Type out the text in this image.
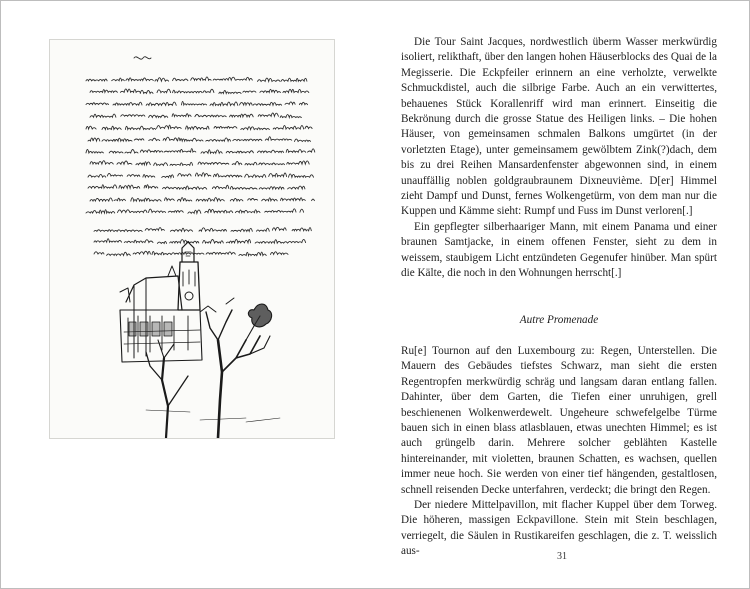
Die Tour Saint Jacques, nordwestlich überm Wasser merkwürdig isoliert, relikthaft, über den langen hohen Häuserblocks des Quai de la Megisserie. Die Eckpfeiler erinnern an eine verholzte, verwelkte Schmuckdistel, auch die silbrige Farbe. Auch an ein verwittertes, behauenes Stück Korallenriff wird man erinnert. Einseitig die Bekrönung durch die grosse Statue des Heiligen links. – Die hohen Häuser, von gemeinsamen schmalen Balkons umgürtet (in der vorletzten Etage), unter gemeinsamem gewölbtem Zink(?)dach, dem bis zu drei Reihen Mansardenfenster abgewonnen sind, in einem unauffällig noblen goldgraubraunem Dixneuvième. D[er] Himmel zieht Dampf und Dunst, fernes Wolkengetürm, von dem man nur die Kuppen und Kämme sieht: Rumpf und Fuss im Dunst verloren[.]

Ein gepflegter silberhaariger Mann, mit einem Panama und einer braunen Samtjacke, in einem offenen Fenster, sieht zu dem in weissem, staubigem Licht entzündeten Gegenufer hinüber. Man spürt die Kälte, die noch in den Wohnungen herrscht[.]

Autre Promenade

Ru[e] Tournon auf den Luxembourg zu: Regen, Unterstellen. Die Mauern des Gebäudes tiefstes Schwarz, man sieht die ersten Regentropfen merkwürdig schräg und langsam daran entlang fallen. Dahinter, über dem Garten, die Tiefen einer unruhigen, grell beschienenen Wolkenwerdewelt. Ungeheure schwefelgelbe Türme bauen sich in einen blass atlasblauen, etwas unechten Himmel; es ist auch grüngelb darin. Mehrere solcher geblähten Kastelle hintereinander, mit violetten, braunen Schatten, es wachsen, quellen immer neue hoch. Sie werden von einer tief hängenden, gestaltlosen, schnell reisenden Decke unterfahren, verdeckt; die bringt den Regen.

Der niedere Mittelpavillon, mit flacher Kuppel über dem Torweg. Die höheren, massigen Eckpavillone. Stein mit Stein beschlagen, verriegelt, die Säulen in Rustikareifen geschlagen, die z. T. weisslich aus-	31
